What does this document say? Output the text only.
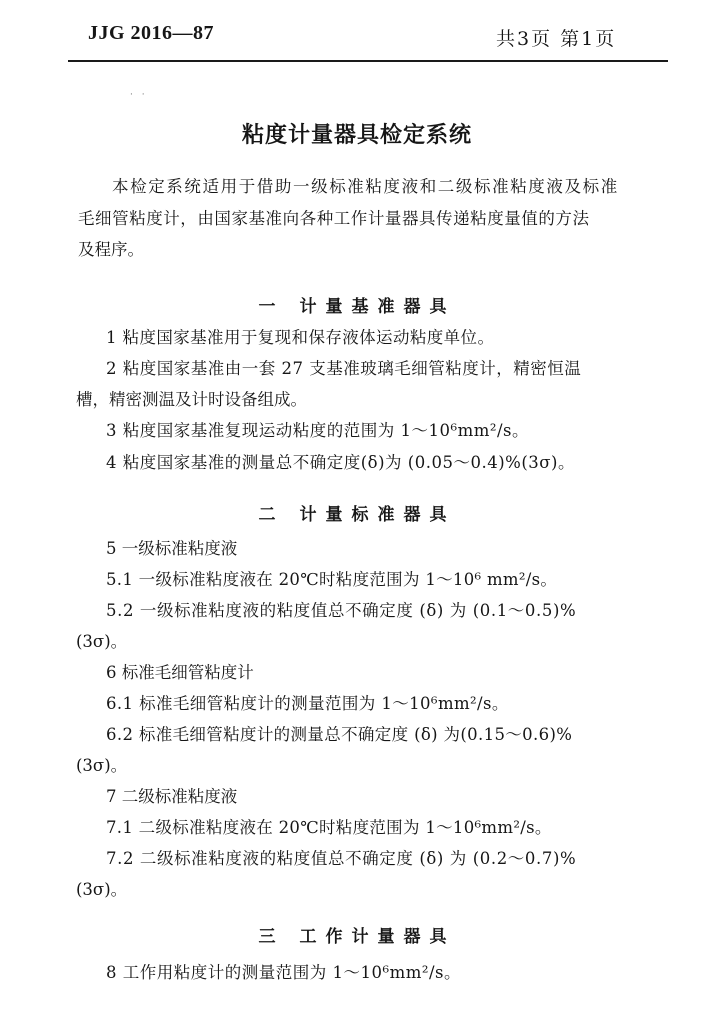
JJG 2016—87	共3页 第1页
· ·
粘度计量器具检定系统
本检定系统适用于借助一级标准粘度液和二级标准粘度液及标准
毛细管粘度计，由国家基准向各种工作计量器具传递粘度量值的方法
及程序。
一 计量基准器具
1 粘度国家基准用于复现和保存液体运动粘度单位。
2 粘度国家基准由一套 27 支基准玻璃毛细管粘度计，精密恒温
槽，精密测温及计时设备组成。
3 粘度国家基准复现运动粘度的范围为 1～10⁶mm²/s。
4 粘度国家基准的测量总不确定度(δ)为 (0.05～0.4)%(3σ)。
二 计量标准器具
5 一级标准粘度液
5.1 一级标准粘度液在 20℃时粘度范围为 1～10⁶ mm²/s。
5.2 一级标准粘度液的粘度值总不确定度 (δ) 为 (0.1～0.5)%
(3σ)。
6 标准毛细管粘度计
6.1 标准毛细管粘度计的测量范围为 1～10⁶mm²/s。
6.2 标准毛细管粘度计的测量总不确定度 (δ) 为(0.15～0.6)%
(3σ)。
7 二级标准粘度液
7.1 二级标准粘度液在 20℃时粘度范围为 1～10⁶mm²/s。
7.2 二级标准粘度液的粘度值总不确定度 (δ) 为 (0.2～0.7)%
(3σ)。
三 工作计量器具
8 工作用粘度计的测量范围为 1～10⁶mm²/s。
